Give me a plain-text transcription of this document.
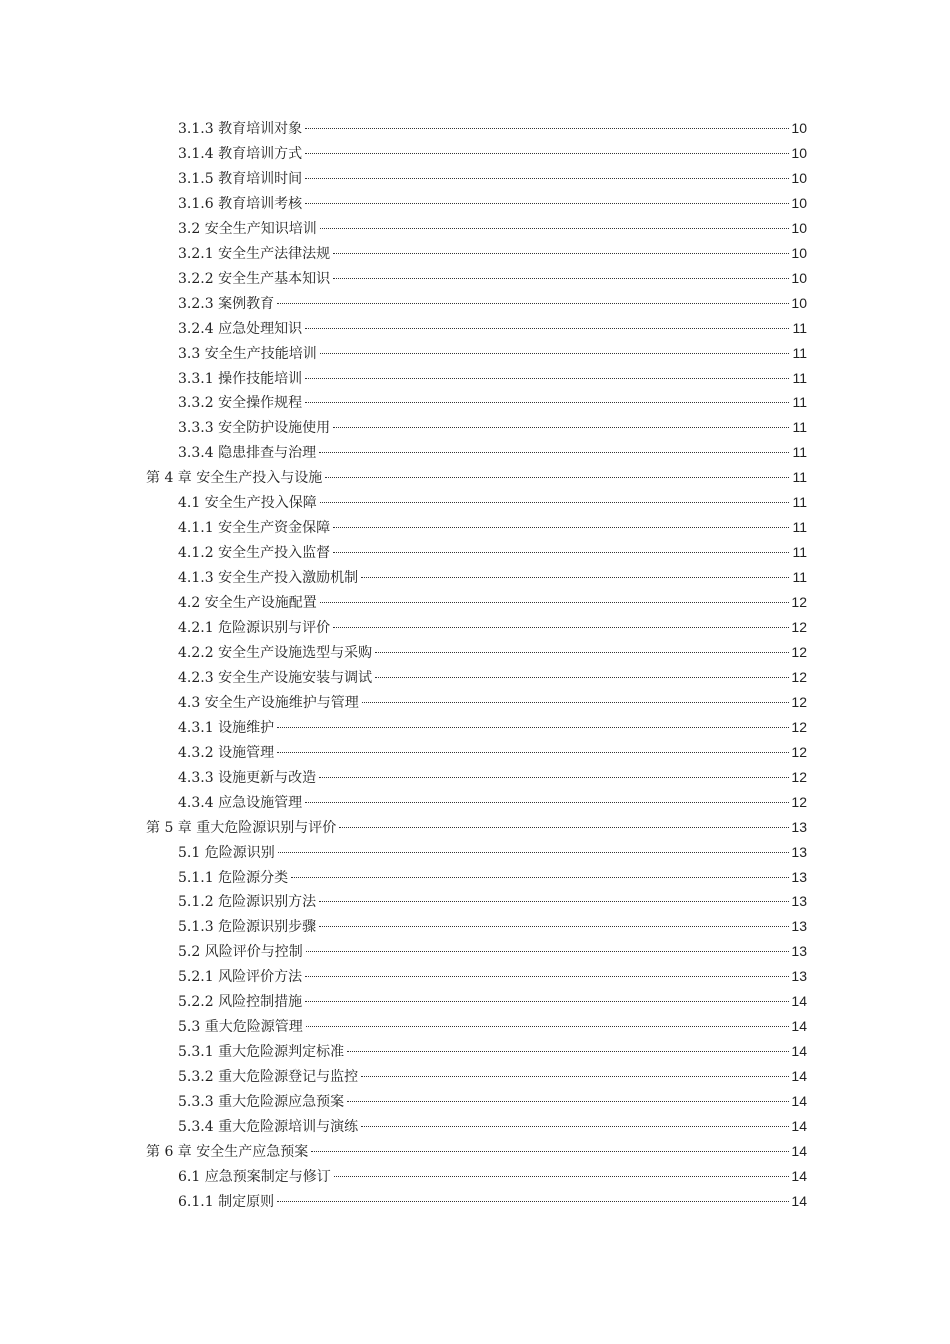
3.1.3 教育培训对象	10
3.1.4 教育培训方式	10
3.1.5 教育培训时间	10
3.1.6 教育培训考核	10
3.2 安全生产知识培训	10
3.2.1 安全生产法律法规	10
3.2.2 安全生产基本知识	10
3.2.3 案例教育	10
3.2.4 应急处理知识	11
3.3 安全生产技能培训	11
3.3.1 操作技能培训	11
3.3.2 安全操作规程	11
3.3.3 安全防护设施使用	11
3.3.4 隐患排查与治理	11
第 4 章 安全生产投入与设施	11
4.1 安全生产投入保障	11
4.1.1 安全生产资金保障	11
4.1.2 安全生产投入监督	11
4.1.3 安全生产投入激励机制	11
4.2 安全生产设施配置	12
4.2.1 危险源识别与评价	12
4.2.2 安全生产设施选型与采购	12
4.2.3 安全生产设施安装与调试	12
4.3 安全生产设施维护与管理	12
4.3.1 设施维护	12
4.3.2 设施管理	12
4.3.3 设施更新与改造	12
4.3.4 应急设施管理	12
第 5 章 重大危险源识别与评价	13
5.1 危险源识别	13
5.1.1 危险源分类	13
5.1.2 危险源识别方法	13
5.1.3 危险源识别步骤	13
5.2 风险评价与控制	13
5.2.1 风险评价方法	13
5.2.2 风险控制措施	14
5.3 重大危险源管理	14
5.3.1 重大危险源判定标准	14
5.3.2 重大危险源登记与监控	14
5.3.3 重大危险源应急预案	14
5.3.4 重大危险源培训与演练	14
第 6 章 安全生产应急预案	14
6.1 应急预案制定与修订	14
6.1.1 制定原则	14
